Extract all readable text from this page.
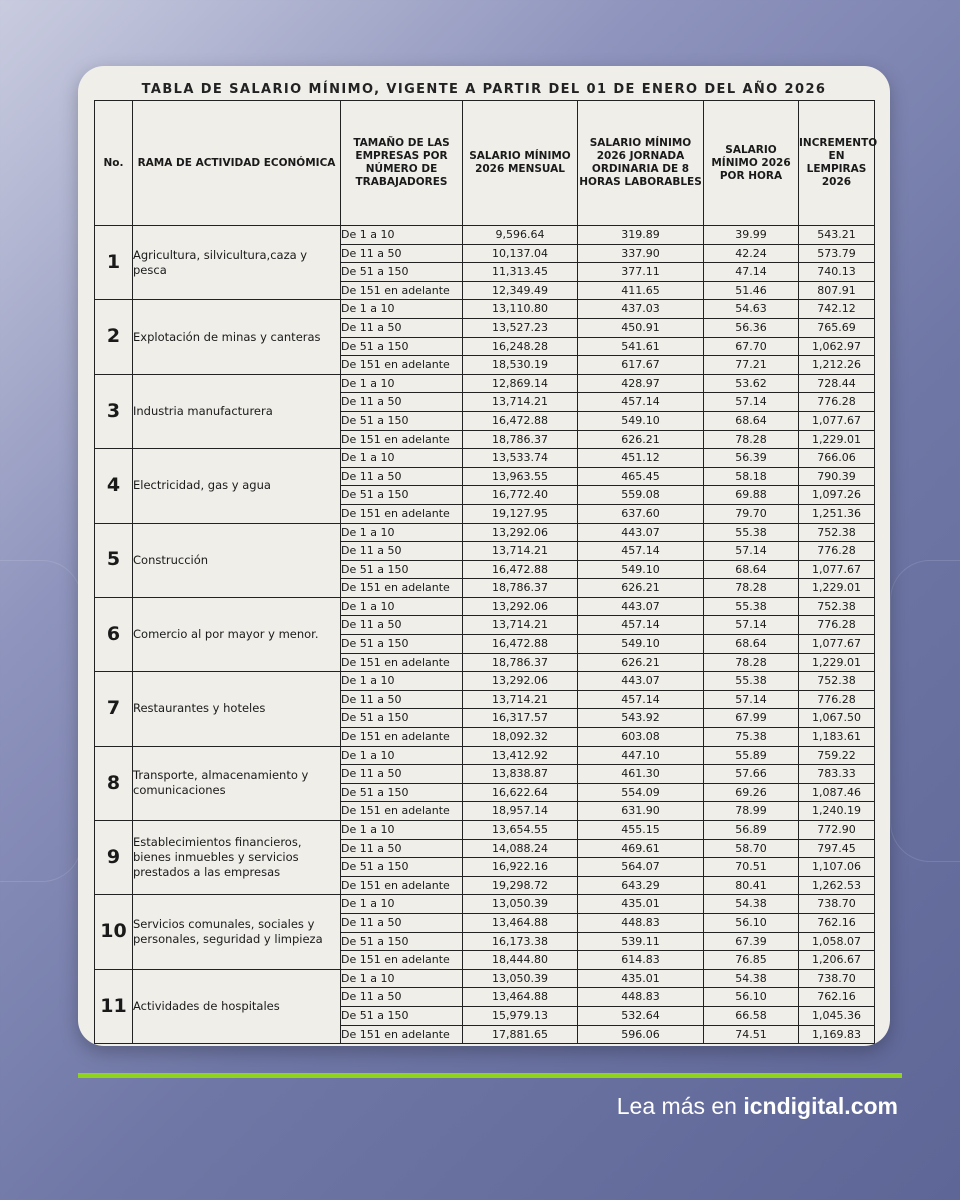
TABLA DE SALARIO MÍNIMO, VIGENTE A PARTIR DEL 01 DE ENERO DEL AÑO 2026
No.	RAMA DE ACTIVIDAD ECONÓMICA	TAMAÑO DE LAS EMPRESAS POR NÚMERO DE TRABAJADORES	SALARIO MÍNIMO 2026 MENSUAL	SALARIO MÍNIMO 2026 JORNADA ORDINARIA DE 8 HORAS LABORABLES	SALARIO MÍNIMO 2026 POR HORA	INCREMENTO EN LEMPIRAS 2026
1	Agricultura, silvicultura,caza y pesca	De 1 a 10	9,596.64	319.89	39.99	543.21
		De 11 a 50	10,137.04	337.90	42.24	573.79
		De 51 a 150	11,313.45	377.11	47.14	740.13
		De 151 en adelante	12,349.49	411.65	51.46	807.91
2	Explotación de minas y canteras	De 1 a 10	13,110.80	437.03	54.63	742.12
		De 11 a 50	13,527.23	450.91	56.36	765.69
		De 51 a 150	16,248.28	541.61	67.70	1,062.97
		De 151 en adelante	18,530.19	617.67	77.21	1,212.26
3	Industria manufacturera	De 1 a 10	12,869.14	428.97	53.62	728.44
		De 11 a 50	13,714.21	457.14	57.14	776.28
		De 51 a 150	16,472.88	549.10	68.64	1,077.67
		De 151 en adelante	18,786.37	626.21	78.28	1,229.01
4	Electricidad, gas y agua	De 1 a 10	13,533.74	451.12	56.39	766.06
		De 11 a 50	13,963.55	465.45	58.18	790.39
		De 51 a 150	16,772.40	559.08	69.88	1,097.26
		De 151 en adelante	19,127.95	637.60	79.70	1,251.36
5	Construcción	De 1 a 10	13,292.06	443.07	55.38	752.38
		De 11 a 50	13,714.21	457.14	57.14	776.28
		De 51 a 150	16,472.88	549.10	68.64	1,077.67
		De 151 en adelante	18,786.37	626.21	78.28	1,229.01
6	Comercio al por mayor y menor.	De 1 a 10	13,292.06	443.07	55.38	752.38
		De 11 a 50	13,714.21	457.14	57.14	776.28
		De 51 a 150	16,472.88	549.10	68.64	1,077.67
		De 151 en adelante	18,786.37	626.21	78.28	1,229.01
7	Restaurantes y hoteles	De 1 a 10	13,292.06	443.07	55.38	752.38
		De 11 a 50	13,714.21	457.14	57.14	776.28
		De 51 a 150	16,317.57	543.92	67.99	1,067.50
		De 151 en adelante	18,092.32	603.08	75.38	1,183.61
8	Transporte, almacenamiento y comunicaciones	De 1 a 10	13,412.92	447.10	55.89	759.22
		De 11 a 50	13,838.87	461.30	57.66	783.33
		De 51 a 150	16,622.64	554.09	69.26	1,087.46
		De 151 en adelante	18,957.14	631.90	78.99	1,240.19
9	Establecimientos financieros, bienes inmuebles y servicios prestados a las empresas	De 1 a 10	13,654.55	455.15	56.89	772.90
		De 11 a 50	14,088.24	469.61	58.70	797.45
		De 51 a 150	16,922.16	564.07	70.51	1,107.06
		De 151 en adelante	19,298.72	643.29	80.41	1,262.53
10	Servicios comunales, sociales y personales, seguridad y limpieza	De 1 a 10	13,050.39	435.01	54.38	738.70
		De 11 a 50	13,464.88	448.83	56.10	762.16
		De 51 a 150	16,173.38	539.11	67.39	1,058.07
		De 151 en adelante	18,444.80	614.83	76.85	1,206.67
11	Actividades de hospitales	De 1 a 10	13,050.39	435.01	54.38	738.70
		De 11 a 50	13,464.88	448.83	56.10	762.16
		De 51 a 150	15,979.13	532.64	66.58	1,045.36
		De 151 en adelante	17,881.65	596.06	74.51	1,169.83
Lea más en icndigital.com
